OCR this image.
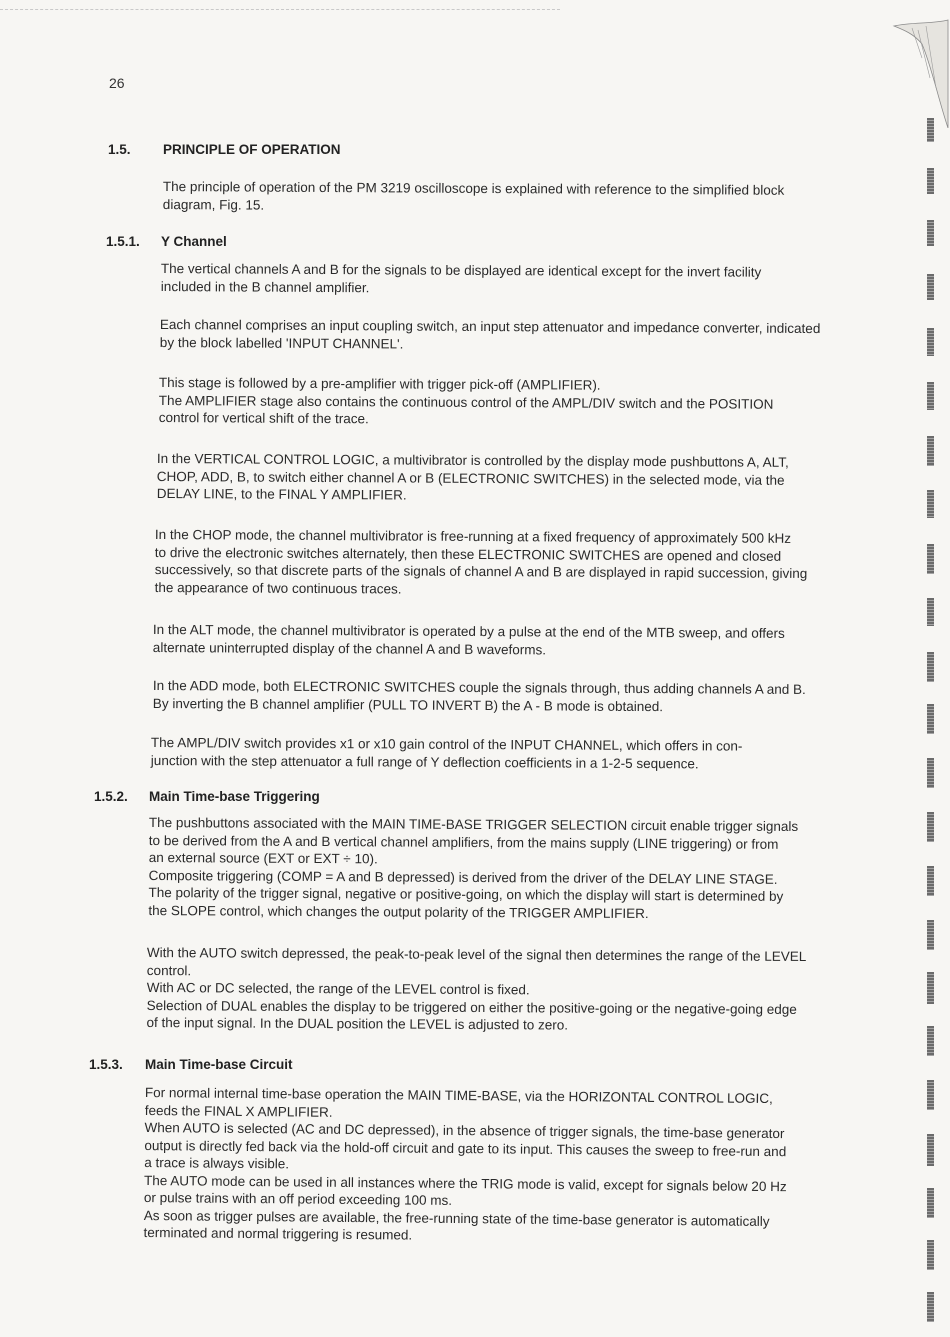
26
1.5. PRINCIPLE OF OPERATION

The principle of operation of the PM 3219 oscilloscope is explained with reference to the simplified block
diagram, Fig. 15.

1.5.1. Y Channel

The vertical channels A and B for the signals to be displayed are identical except for the invert facility
included in the B channel amplifier.

Each channel comprises an input coupling switch, an input step attenuator and impedance converter, indicated
by the block labelled 'INPUT CHANNEL'.

This stage is followed by a pre-amplifier with trigger pick-off (AMPLIFIER).
The AMPLIFIER stage also contains the continuous control of the AMPL/DIV switch and the POSITION
control for vertical shift of the trace.

In the VERTICAL CONTROL LOGIC, a multivibrator is controlled by the display mode pushbuttons A, ALT,
CHOP, ADD, B, to switch either channel A or B (ELECTRONIC SWITCHES) in the selected mode, via the
DELAY LINE, to the FINAL Y AMPLIFIER.

In the CHOP mode, the channel multivibrator is free-running at a fixed frequency of approximately 500 kHz
to drive the electronic switches alternately, then these ELECTRONIC SWITCHES are opened and closed
successively, so that discrete parts of the signals of channel A and B are displayed in rapid succession, giving
the appearance of two continuous traces.

In the ALT mode, the channel multivibrator is operated by a pulse at the end of the MTB sweep, and offers
alternate uninterrupted display of the channel A and B waveforms.

In the ADD mode, both ELECTRONIC SWITCHES couple the signals through, thus adding channels A and B.
By inverting the B channel amplifier (PULL TO INVERT B) the A - B mode is obtained.

The AMPL/DIV switch provides x1 or x10 gain control of the INPUT CHANNEL, which offers in con-
junction with the step attenuator a full range of Y deflection coefficients in a 1-2-5 sequence.

1.5.2. Main Time-base Triggering

The pushbuttons associated with the MAIN TIME-BASE TRIGGER SELECTION circuit enable trigger signals
to be derived from the A and B vertical channel amplifiers, from the mains supply (LINE triggering) or from
an external source (EXT or EXT ÷ 10).
Composite triggering (COMP = A and B depressed) is derived from the driver of the DELAY LINE STAGE.
The polarity of the trigger signal, negative or positive-going, on which the display will start is determined by
the SLOPE control, which changes the output polarity of the TRIGGER AMPLIFIER.

With the AUTO switch depressed, the peak-to-peak level of the signal then determines the range of the LEVEL
control.
With AC or DC selected, the range of the LEVEL control is fixed.
Selection of DUAL enables the display to be triggered on either the positive-going or the negative-going edge
of the input signal. In the DUAL position the LEVEL is adjusted to zero.

1.5.3. Main Time-base Circuit

For normal internal time-base operation the MAIN TIME-BASE, via the HORIZONTAL CONTROL LOGIC,
feeds the FINAL X AMPLIFIER.
When AUTO is selected (AC and DC depressed), in the absence of trigger signals, the time-base generator
output is directly fed back via the hold-off circuit and gate to its input. This causes the sweep to free-run and
a trace is always visible.
The AUTO mode can be used in all instances where the TRIG mode is valid, except for signals below 20 Hz
or pulse trains with an off period exceeding 100 ms.
As soon as trigger pulses are available, the free-running state of the time-base generator is automatically
terminated and normal triggering is resumed.
